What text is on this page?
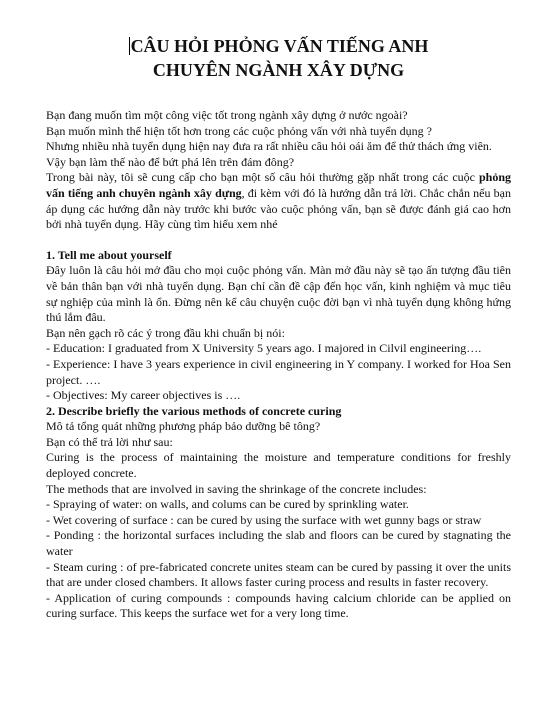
CÂU HỎI PHỎNG VẤN TIẾNG ANH
CHUYÊN NGÀNH XÂY DỰNG

Bạn đang muốn tìm một công việc tốt trong ngành xây dựng ở nước ngoài?

Bạn muốn mình thể hiện tốt hơn trong các cuộc phỏng vấn với nhà tuyển dụng ?

Nhưng nhiều nhà tuyển dụng hiện nay đưa ra rất nhiều câu hỏi oái ăm để thử thách ứng viên. Vậy bạn làm thế nào để bứt phá lên trên đám đông?

Trong bài này, tôi sẽ cung cấp cho bạn một số câu hỏi thường gặp nhất trong các cuộc phỏng vấn tiếng anh chuyên ngành xây dựng, đi kèm với đó là hướng dẫn trả lời. Chắc chắn nếu bạn áp dụng các hướng dẫn này trước khi bước vào cuộc phỏng vấn, bạn sẽ được đánh giá cao hơn bởi nhà tuyển dụng. Hãy cùng tìm hiểu xem nhé

1. Tell me about yourself

Đây luôn là câu hỏi mở đầu cho mọi cuộc phỏng vấn. Màn mở đầu này sẽ tạo ấn tượng đầu tiên về bản thân bạn với nhà tuyển dụng. Bạn chỉ cần đề cập đến học vấn, kinh nghiệm và mục tiêu sự nghiệp của mình là ổn. Đừng nên kể câu chuyện cuộc đời bạn vì nhà tuyển dụng không hứng thú lắm đâu.

Bạn nên gạch rõ các ý trong đầu khi chuẩn bị nói:

- Education: I graduated from X University 5 years ago. I majored in Cilvil engineering….

- Experience: I have 3 years experience in civil engineering in Y company. I worked for Hoa Sen project. ….

- Objectives: My career objectives is ….

2. Describe briefly the various methods of concrete curing

Mô tả tổng quát những phương pháp bảo dưỡng bê tông?

Bạn có thể trả lời như sau:

Curing is the process of maintaining the moisture and temperature conditions for freshly deployed concrete.

The methods that are involved in saving the shrinkage of the concrete includes:

- Spraying of water: on walls, and colums can be cured by sprinkling water.

- Wet covering of surface : can be cured by using the surface with wet gunny bags or straw

- Ponding : the horizontal surfaces including the slab and floors can be cured by stagnating the water

- Steam curing : of pre-fabricated concrete unites steam can be cured by passing it over the units that are under closed chambers. It allows faster curing process and results in faster recovery.

- Application of curing compounds : compounds having calcium chloride can be applied on curing surface. This keeps the surface wet for a very long time.
